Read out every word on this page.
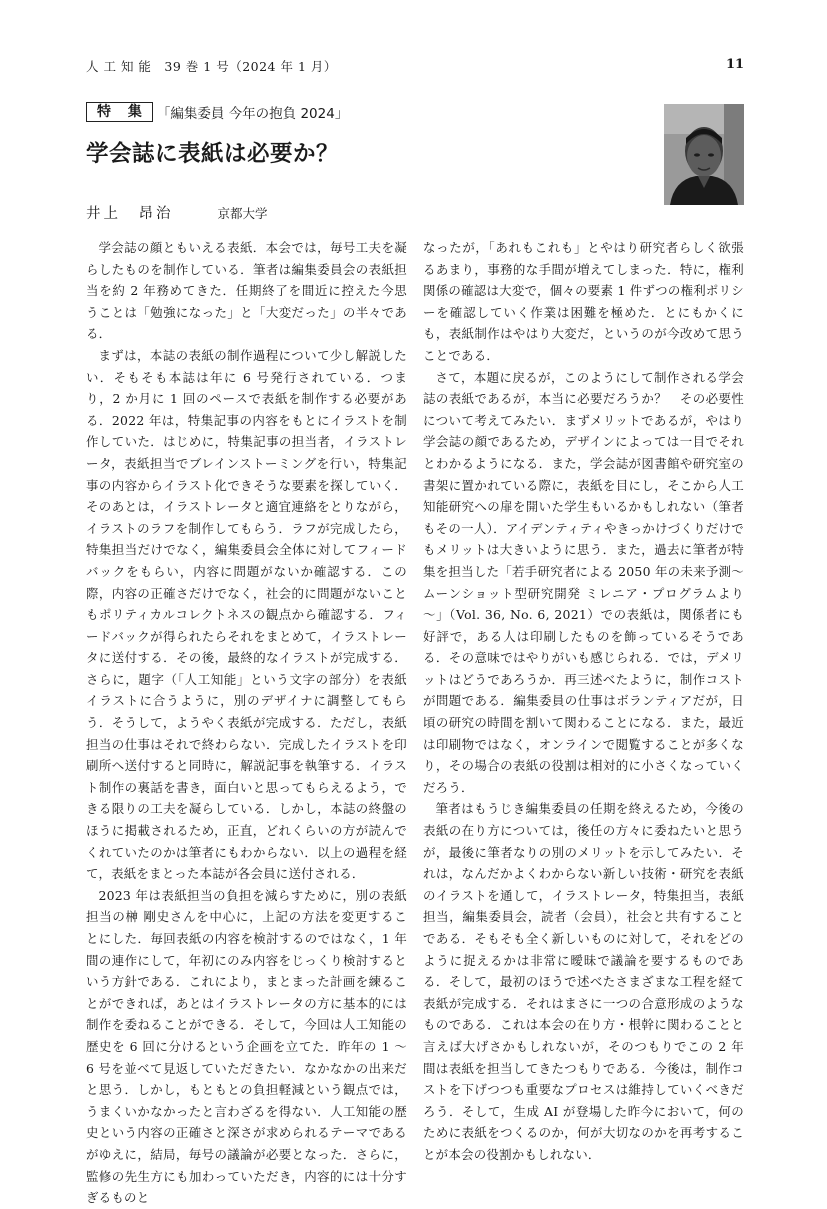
人 工 知 能　39 巻 1 号（2024 年 1 月）	11
特 集 「編集委員 今年の抱負 2024」
学会誌に表紙は必要か？
井上　昂治	京都大学

学会誌の顔ともいえる表紙．本会では，毎号工夫を凝らしたものを制作している．筆者は編集委員会の表紙担当を約 2 年務めてきた．任期終了を間近に控えた今思うことは「勉強になった」と「大変だった」の半々である．

まずは，本誌の表紙の制作過程について少し解説したい．そもそも本誌は年に 6 号発行されている．つまり，2 か月に 1 回のペースで表紙を制作する必要がある．2022 年は，特集記事の内容をもとにイラストを制作していた．はじめに，特集記事の担当者，イラストレータ，表紙担当でブレインストーミングを行い，特集記事の内容からイラスト化できそうな要素を探していく．そのあとは，イラストレータと適宜連絡をとりながら，イラストのラフを制作してもらう．ラフが完成したら，特集担当だけでなく，編集委員会全体に対してフィードバックをもらい，内容に問題がないか確認する．この際，内容の正確さだけでなく，社会的に問題がないこともポリティカルコレクトネスの観点から確認する．フィードバックが得られたらそれをまとめて，イラストレータに送付する．その後，最終的なイラストが完成する．さらに，題字（「人工知能」という文字の部分）を表紙イラストに合うように，別のデザイナに調整してもらう．そうして，ようやく表紙が完成する．ただし，表紙担当の仕事はそれで終わらない．完成したイラストを印刷所へ送付すると同時に，解説記事を執筆する．イラスト制作の裏話を書き，面白いと思ってもらえるよう，できる限りの工夫を凝らしている．しかし，本誌の終盤のほうに掲載されるため，正直，どれくらいの方が読んでくれていたのかは筆者にもわからない．以上の過程を経て，表紙をまとった本誌が各会員に送付される．

2023 年は表紙担当の負担を減らすために，別の表紙担当の榊 剛史さんを中心に，上記の方法を変更することにした．毎回表紙の内容を検討するのではなく，1 年間の連作にして，年初にのみ内容をじっくり検討するという方針である．これにより，まとまった計画を練ることができれば，あとはイラストレータの方に基本的には制作を委ねることができる．そして，今回は人工知能の歴史を 6 回に分けるという企画を立てた．昨年の 1 ～ 6 号を並べて見返していただきたい．なかなかの出来だと思う．しかし，もともとの負担軽減という観点では，うまくいかなかったと言わざるを得ない．人工知能の歴史という内容の正確さと深さが求められるテーマであるがゆえに，結局，毎号の議論が必要となった．さらに，監修の先生方にも加わっていただき，内容的には十分すぎるものと

なったが，「あれもこれも」とやはり研究者らしく欲張るあまり，事務的な手間が増えてしまった．特に，権利関係の確認は大変で，個々の要素 1 件ずつの権利ポリシーを確認していく作業は困難を極めた．とにもかくにも，表紙制作はやはり大変だ，というのが今改めて思うことである．

さて，本題に戻るが，このようにして制作される学会誌の表紙であるが，本当に必要だろうか？　その必要性について考えてみたい．まずメリットであるが，やはり学会誌の顔であるため，デザインによっては一目でそれとわかるようになる．また，学会誌が図書館や研究室の書架に置かれている際に，表紙を目にし，そこから人工知能研究への扉を開いた学生もいるかもしれない（筆者もその一人）．アイデンティティやきっかけづくりだけでもメリットは大きいように思う．また，過去に筆者が特集を担当した「若手研究者による 2050 年の未来予測～ムーンショット型研究開発 ミレニア・プログラムより～」（Vol. 36, No. 6, 2021）での表紙は，関係者にも好評で，ある人は印刷したものを飾っているそうである．その意味ではやりがいも感じられる．では，デメリットはどうであろうか．再三述べたように，制作コストが問題である．編集委員の仕事はボランティアだが，日頃の研究の時間を割いて関わることになる．また，最近は印刷物ではなく，オンラインで閲覧することが多くなり，その場合の表紙の役割は相対的に小さくなっていくだろう．

筆者はもうじき編集委員の任期を終えるため，今後の表紙の在り方については，後任の方々に委ねたいと思うが，最後に筆者なりの別のメリットを示してみたい．それは，なんだかよくわからない新しい技術・研究を表紙のイラストを通して，イラストレータ，特集担当，表紙担当，編集委員会，読者（会員），社会と共有することである．そもそも全く新しいものに対して，それをどのように捉えるかは非常に曖昧で議論を要するものである．そして，最初のほうで述べたさまざまな工程を経て表紙が完成する．それはまさに一つの合意形成のようなものである．これは本会の在り方・根幹に関わることと言えば大げさかもしれないが，そのつもりでこの 2 年間は表紙を担当してきたつもりである．今後は，制作コストを下げつつも重要なプロセスは維持していくべきだろう．そして，生成 AI が登場した昨今において，何のために表紙をつくるのか，何が大切なのかを再考することが本会の役割かもしれない．
